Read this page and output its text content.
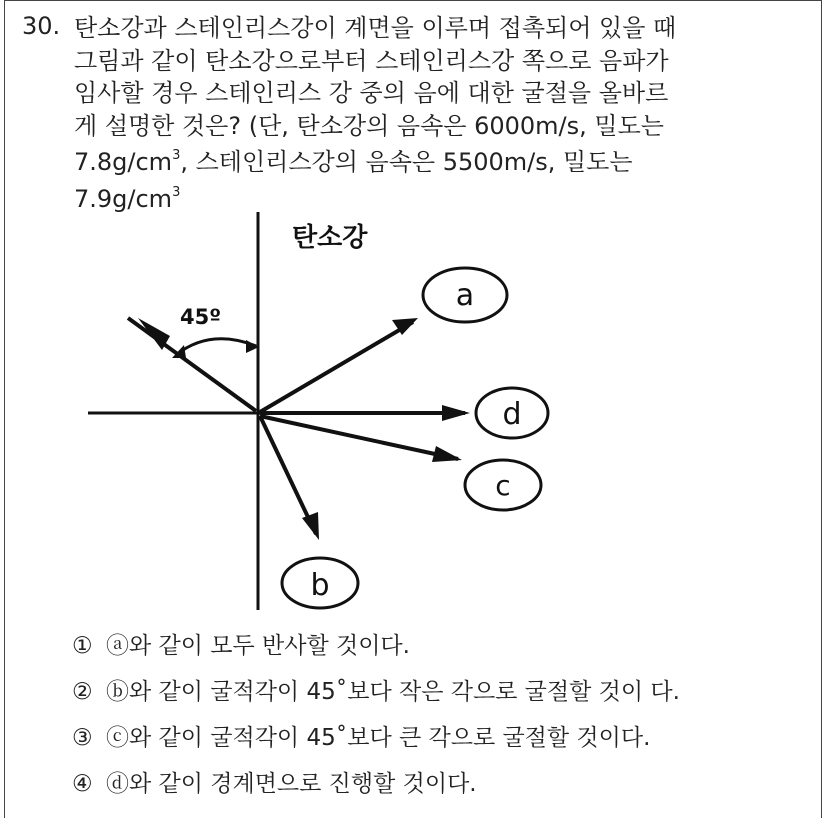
30. 탄소강과 스테인리스강이 계면을 이루며 접촉되어 있을 때
그림과 같이 탄소강으로부터 스테인리스강 쪽으로 음파가
임사할 경우 스테인리스 강 중의 음에 대한 굴절을 올바르
게 설명한 것은? (단, 탄소강의 음속은 6000m/s, 밀도는
$7.8g/cm^3$, 스테인리스강의 음속은 5500m/s, 밀도는
$7.9g/cm^3$
탄소강
45º
a
d
c
b
① ⓐ와 같이 모두 반사할 것이다.
② ⓑ와 같이 굴적각이 45˚보다 작은 각으로 굴절할 것이 다.
③ ⓒ와 같이 굴적각이 45˚보다 큰 각으로 굴절할 것이다.
④ ⓓ와 같이 경계면으로 진행할 것이다.
